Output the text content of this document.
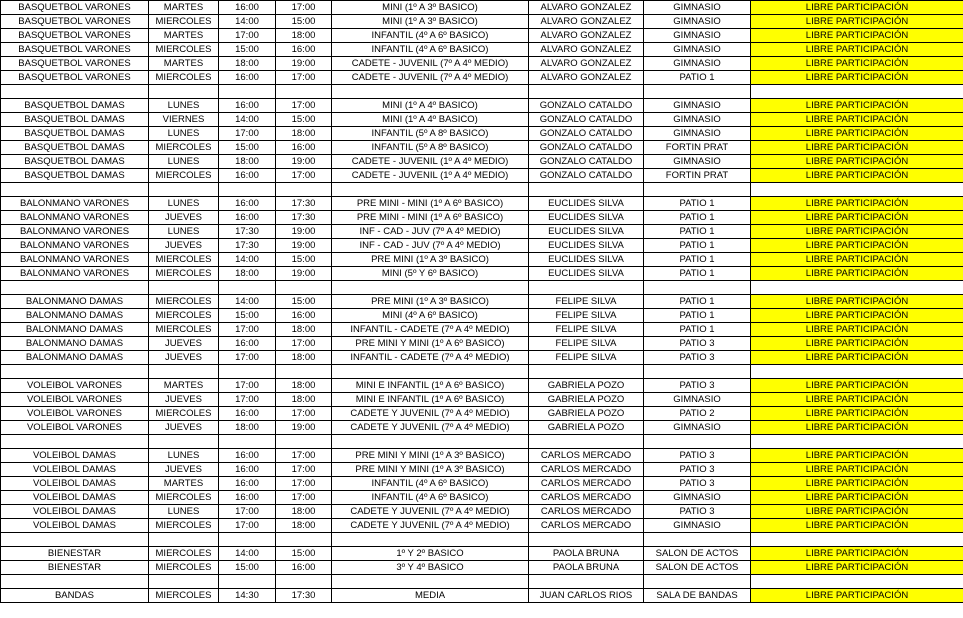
BASQUETBOL VARONES	MARTES	16:00	17:00	MINI (1º A 3º BASICO)	ALVARO GONZALEZ	GIMNASIO	LIBRE PARTICIPACIÓN
BASQUETBOL VARONES	MIERCOLES	14:00	15:00	MINI (1º A 3º BASICO)	ALVARO GONZALEZ	GIMNASIO	LIBRE PARTICIPACIÓN
BASQUETBOL VARONES	MARTES	17:00	18:00	INFANTIL (4º A 6º BASICO)	ALVARO GONZALEZ	GIMNASIO	LIBRE PARTICIPACIÓN
BASQUETBOL VARONES	MIERCOLES	15:00	16:00	INFANTIL (4º A 6º BASICO)	ALVARO GONZALEZ	GIMNASIO	LIBRE PARTICIPACIÓN
BASQUETBOL VARONES	MARTES	18:00	19:00	CADETE - JUVENIL (7º A 4º MEDIO)	ALVARO GONZALEZ	GIMNASIO	LIBRE PARTICIPACIÓN
BASQUETBOL VARONES	MIERCOLES	16:00	17:00	CADETE - JUVENIL (7º A 4º MEDIO)	ALVARO GONZALEZ	PATIO 1	LIBRE PARTICIPACIÓN

BASQUETBOL DAMAS	LUNES	16:00	17:00	MINI (1º A 4º BASICO)	GONZALO CATALDO	GIMNASIO	LIBRE PARTICIPACIÓN
BASQUETBOL DAMAS	VIERNES	14:00	15:00	MINI (1º A 4º BASICO)	GONZALO CATALDO	GIMNASIO	LIBRE PARTICIPACIÓN
BASQUETBOL DAMAS	LUNES	17:00	18:00	INFANTIL (5º A 8º BASICO)	GONZALO CATALDO	GIMNASIO	LIBRE PARTICIPACIÓN
BASQUETBOL DAMAS	MIERCOLES	15:00	16:00	INFANTIL (5º A 8º BASICO)	GONZALO CATALDO	FORTIN PRAT	LIBRE PARTICIPACIÓN
BASQUETBOL DAMAS	LUNES	18:00	19:00	CADETE - JUVENIL (1º A 4º MEDIO)	GONZALO CATALDO	GIMNASIO	LIBRE PARTICIPACIÓN
BASQUETBOL DAMAS	MIERCOLES	16:00	17:00	CADETE - JUVENIL (1º A 4º MEDIO)	GONZALO CATALDO	FORTIN PRAT	LIBRE PARTICIPACIÓN

BALONMANO VARONES	LUNES	16:00	17:30	PRE MINI - MINI (1º A 6º BASICO)	EUCLIDES SILVA	PATIO 1	LIBRE PARTICIPACIÓN
BALONMANO VARONES	JUEVES	16:00	17:30	PRE MINI - MINI (1º A 6º BASICO)	EUCLIDES SILVA	PATIO 1	LIBRE PARTICIPACIÓN
BALONMANO VARONES	LUNES	17:30	19:00	INF - CAD - JUV (7º A 4º MEDIO)	EUCLIDES SILVA	PATIO 1	LIBRE PARTICIPACIÓN
BALONMANO VARONES	JUEVES	17:30	19:00	INF - CAD - JUV (7º A 4º MEDIO)	EUCLIDES SILVA	PATIO 1	LIBRE PARTICIPACIÓN
BALONMANO VARONES	MIERCOLES	14:00	15:00	PRE MINI (1º A 3º BASICO)	EUCLIDES SILVA	PATIO 1	LIBRE PARTICIPACIÓN
BALONMANO VARONES	MIERCOLES	18:00	19:00	MINI (5º Y 6º BASICO)	EUCLIDES SILVA	PATIO 1	LIBRE PARTICIPACIÓN

BALONMANO DAMAS	MIERCOLES	14:00	15:00	PRE MINI (1º A 3º BASICO)	FELIPE SILVA	PATIO 1	LIBRE PARTICIPACIÓN
BALONMANO DAMAS	MIERCOLES	15:00	16:00	MINI (4º A 6º BASICO)	FELIPE SILVA	PATIO 1	LIBRE PARTICIPACIÓN
BALONMANO DAMAS	MIERCOLES	17:00	18:00	INFANTIL - CADETE (7º A 4º MEDIO)	FELIPE SILVA	PATIO 1	LIBRE PARTICIPACIÓN
BALONMANO DAMAS	JUEVES	16:00	17:00	PRE MINI Y MINI (1º A 6º BASICO)	FELIPE SILVA	PATIO 3	LIBRE PARTICIPACIÓN
BALONMANO DAMAS	JUEVES	17:00	18:00	INFANTIL - CADETE (7º A 4º MEDIO)	FELIPE SILVA	PATIO 3	LIBRE PARTICIPACIÓN

VOLEIBOL VARONES	MARTES	17:00	18:00	MINI E INFANTIL (1º A 6º BASICO)	GABRIELA POZO	PATIO 3	LIBRE PARTICIPACIÓN
VOLEIBOL VARONES	JUEVES	17:00	18:00	MINI E INFANTIL (1º A 6º BASICO)	GABRIELA POZO	GIMNASIO	LIBRE PARTICIPACIÓN
VOLEIBOL VARONES	MIERCOLES	16:00	17:00	CADETE Y JUVENIL (7º A 4º MEDIO)	GABRIELA POZO	PATIO 2	LIBRE PARTICIPACIÓN
VOLEIBOL VARONES	JUEVES	18:00	19:00	CADETE Y JUVENIL (7º A 4º MEDIO)	GABRIELA POZO	GIMNASIO	LIBRE PARTICIPACIÓN

VOLEIBOL DAMAS	LUNES	16:00	17:00	PRE MINI Y MINI (1º A 3º BASICO)	CARLOS MERCADO	PATIO 3	LIBRE PARTICIPACIÓN
VOLEIBOL DAMAS	JUEVES	16:00	17:00	PRE MINI Y MINI (1º A 3º BASICO)	CARLOS MERCADO	PATIO 3	LIBRE PARTICIPACIÓN
VOLEIBOL DAMAS	MARTES	16:00	17:00	INFANTIL (4º A 6º BASICO)	CARLOS MERCADO	PATIO 3	LIBRE PARTICIPACIÓN
VOLEIBOL DAMAS	MIERCOLES	16:00	17:00	INFANTIL (4º A 6º BASICO)	CARLOS MERCADO	GIMNASIO	LIBRE PARTICIPACIÓN
VOLEIBOL DAMAS	LUNES	17:00	18:00	CADETE Y JUVENIL (7º A 4º MEDIO)	CARLOS MERCADO	PATIO 3	LIBRE PARTICIPACIÓN
VOLEIBOL DAMAS	MIERCOLES	17:00	18:00	CADETE Y JUVENIL (7º A 4º MEDIO)	CARLOS MERCADO	GIMNASIO	LIBRE PARTICIPACIÓN

BIENESTAR	MIERCOLES	14:00	15:00	1º Y 2º BASICO	PAOLA BRUNA	SALON DE ACTOS	LIBRE PARTICIPACIÓN
BIENESTAR	MIERCOLES	15:00	16:00	3º Y 4º BASICO	PAOLA BRUNA	SALON DE ACTOS	LIBRE PARTICIPACIÓN

BANDAS	MIERCOLES	14:30	17:30	MEDIA	JUAN CARLOS RIOS	SALA DE BANDAS	LIBRE PARTICIPACIÓN
